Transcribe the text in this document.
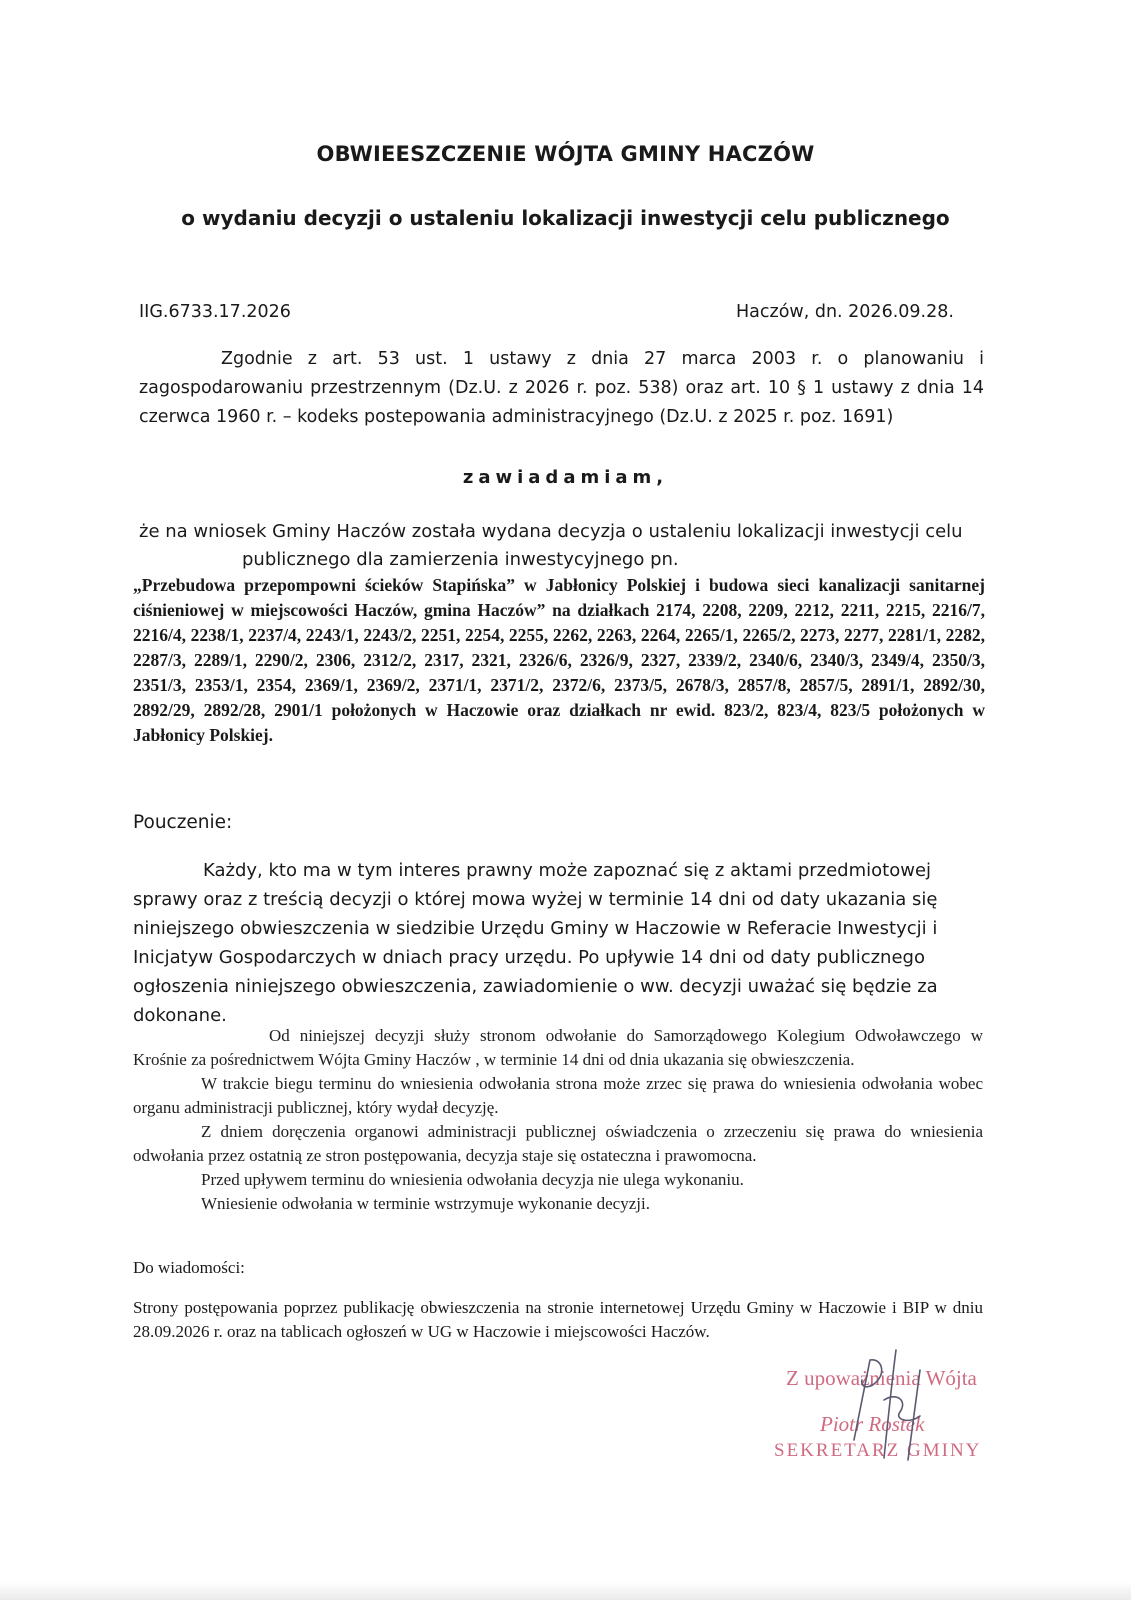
OBWIEESZCZENIE WÓJTA GMINY HACZÓW
o wydaniu decyzji o ustaleniu lokalizacji inwestycji celu publicznego
IIG.6733.17.2026	Haczów, dn. 2026.09.28.
Zgodnie z art. 53 ust. 1 ustawy z dnia 27 marca 2003 r. o planowaniu i zagospodarowaniu przestrzennym (Dz.U. z 2026 r. poz. 538) oraz art. 10 § 1 ustawy z dnia 14 czerwca 1960 r. – kodeks postepowania administracyjnego (Dz.U. z 2025 r. poz. 1691)
zawiadamiam,
że na wniosek Gminy Haczów została wydana decyzja o ustaleniu lokalizacji inwestycji celu
publicznego dla zamierzenia inwestycyjnego pn.
„Przebudowa przepompowni ścieków Stapińska” w Jabłonicy Polskiej i budowa sieci kanalizacji sanitarnej ciśnieniowej w miejscowości Haczów, gmina Haczów” na działkach 2174, 2208, 2209, 2212, 2211, 2215, 2216/7, 2216/4, 2238/1, 2237/4, 2243/1, 2243/2, 2251, 2254, 2255, 2262, 2263, 2264, 2265/1, 2265/2, 2273, 2277, 2281/1, 2282, 2287/3, 2289/1, 2290/2, 2306, 2312/2, 2317, 2321, 2326/6, 2326/9, 2327, 2339/2, 2340/6, 2340/3, 2349/4, 2350/3, 2351/3, 2353/1, 2354, 2369/1, 2369/2, 2371/1, 2371/2, 2372/6, 2373/5, 2678/3, 2857/8, 2857/5, 2891/1, 2892/30, 2892/29, 2892/28, 2901/1 położonych w Haczowie oraz działkach nr ewid. 823/2, 823/4, 823/5 położonych w Jabłonicy Polskiej.
Pouczenie:
Każdy, kto ma w tym interes prawny może zapoznać się z aktami przedmiotowej sprawy oraz z treścią decyzji o której mowa wyżej w terminie 14 dni od daty ukazania się niniejszego obwieszczenia w siedzibie Urzędu Gminy w Haczowie w Referacie Inwestycji i Inicjatyw Gospodarczych w dniach pracy urzędu. Po upływie 14 dni od daty publicznego ogłoszenia niniejszego obwieszczenia, zawiadomienie o ww. decyzji uważać się będzie za dokonane.

Od niniejszej decyzji służy stronom odwołanie do Samorządowego Kolegium Odwoławczego w Krośnie za pośrednictwem Wójta Gminy Haczów , w terminie 14 dni od dnia ukazania się obwieszczenia.

W trakcie biegu terminu do wniesienia odwołania strona może zrzec się prawa do wniesienia odwołania wobec organu administracji publicznej, który wydał decyzję.

Z dniem doręczenia organowi administracji publicznej oświadczenia o zrzeczeniu się prawa do wniesienia odwołania przez ostatnią ze stron postępowania, decyzja staje się ostateczna i prawomocna.

Przed upływem terminu do wniesienia odwołania decyzja nie ulega wykonaniu.

Wniesienie odwołania w terminie wstrzymuje wykonanie decyzji.

Do wiadomości:
Strony postępowania poprzez publikację obwieszczenia na stronie internetowej Urzędu Gminy w Haczowie i BIP w dniu 28.09.2026 r. oraz na tablicach ogłoszeń w UG w Haczowie i miejscowości Haczów.
Z upoważnienia Wójta
Piotr Rostek
SEKRETARZ GMINY
